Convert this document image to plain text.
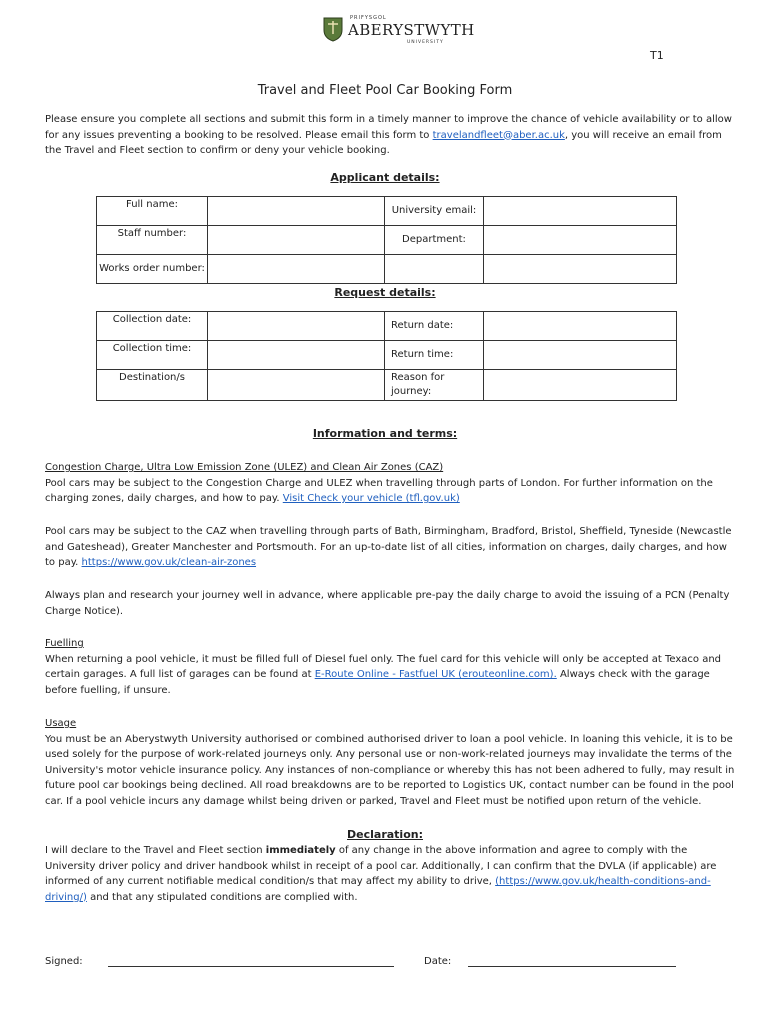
PRIFYSGOL
ABERYSTWYTH
UNIVERSITY
T1
Travel and Fleet Pool Car Booking Form
Please ensure you complete all sections and submit this form in a timely manner to improve the chance of vehicle availability or to allow for any issues preventing a booking to be resolved. Please email this form to travelandfleet@aber.ac.uk, you will receive an email from the Travel and Fleet section to confirm or deny your vehicle booking.
Applicant details:
Full name:		University email:	
Staff number:		Department:	
Works order number:			
Request details:
Collection date:		Return date:	
Collection time:		Return time:	
Destination/s		Reason for journey:	
Information and terms:
Congestion Charge, Ultra Low Emission Zone (ULEZ) and Clean Air Zones (CAZ)
Pool cars may be subject to the Congestion Charge and ULEZ when travelling through parts of London. For further information on the charging zones, daily charges, and how to pay. Visit Check your vehicle (tfl.gov.uk)
Pool cars may be subject to the CAZ when travelling through parts of Bath, Birmingham, Bradford, Bristol, Sheffield, Tyneside (Newcastle and Gateshead), Greater Manchester and Portsmouth. For an up-to-date list of all cities, information on charges, daily charges, and how to pay. https://www.gov.uk/clean-air-zones
Always plan and research your journey well in advance, where applicable pre-pay the daily charge to avoid the issuing of a PCN (Penalty Charge Notice).
Fuelling
When returning a pool vehicle, it must be filled full of Diesel fuel only. The fuel card for this vehicle will only be accepted at Texaco and certain garages. A full list of garages can be found at E-Route Online - Fastfuel UK (erouteonline.com). Always check with the garage before fuelling, if unsure.
Usage
You must be an Aberystwyth University authorised or combined authorised driver to loan a pool vehicle. In loaning this vehicle, it is to be used solely for the purpose of work-related journeys only. Any personal use or non-work-related journeys may invalidate the terms of the University's motor vehicle insurance policy. Any instances of non-compliance or whereby this has not been adhered to fully, may result in future pool car bookings being declined. All road breakdowns are to be reported to Logistics UK, contact number can be found in the pool car. If a pool vehicle incurs any damage whilst being driven or parked, Travel and Fleet must be notified upon return of the vehicle.
Declaration:
I will declare to the Travel and Fleet section immediately of any change in the above information and agree to comply with the University driver policy and driver handbook whilst in receipt of a pool car. Additionally, I can confirm that the DVLA (if applicable) are informed of any current notifiable medical condition/s that may affect my ability to drive, (https://www.gov.uk/health-conditions-and-driving/) and that any stipulated conditions are complied with.
Signed:	Date:
